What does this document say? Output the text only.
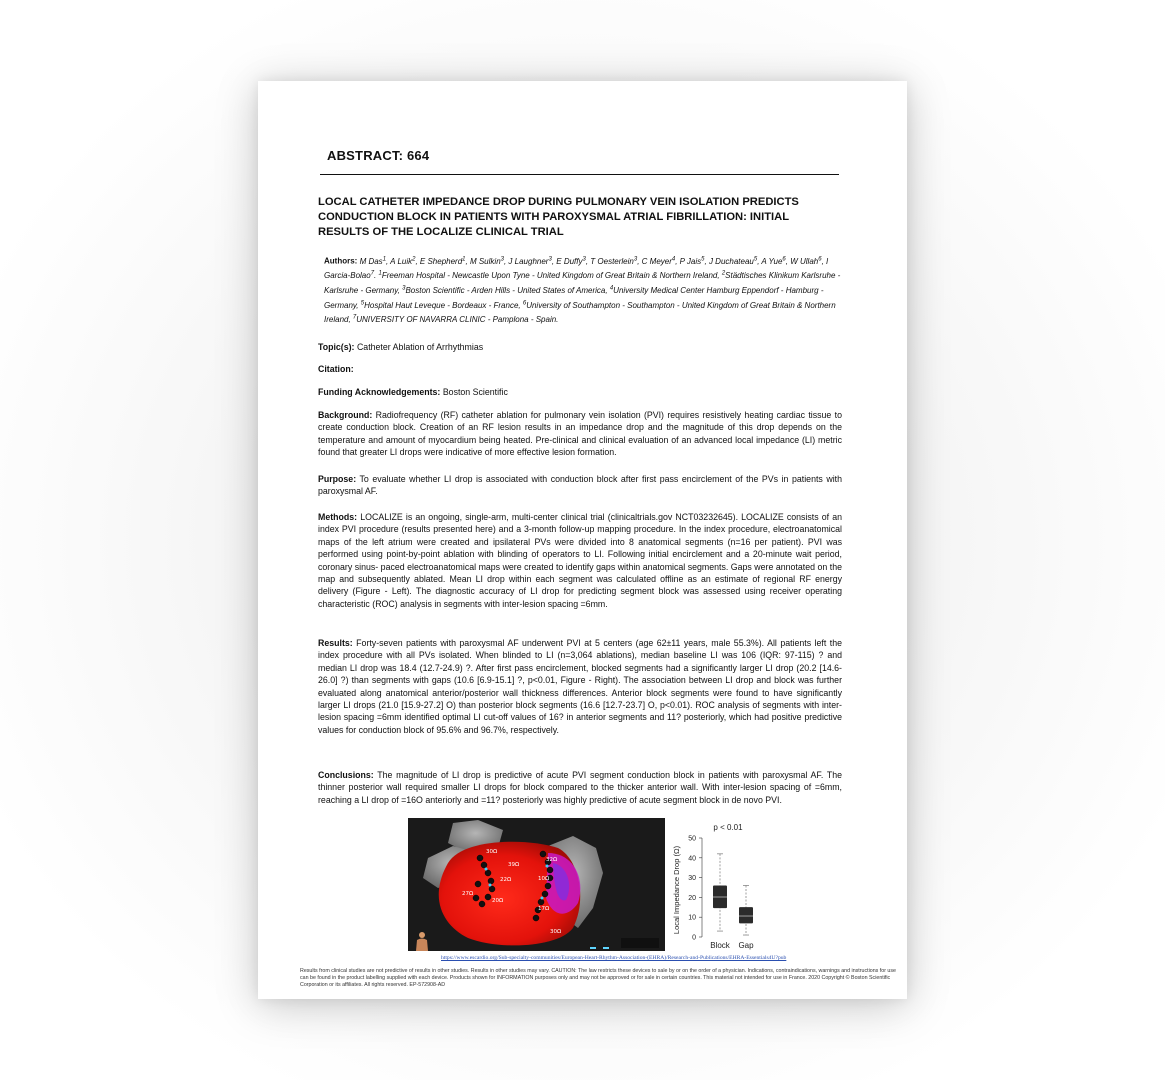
ABSTRACT: 664
LOCAL CATHETER IMPEDANCE DROP DURING PULMONARY VEIN ISOLATION PREDICTS CONDUCTION BLOCK IN PATIENTS WITH PAROXYSMAL ATRIAL FIBRILLATION: INITIAL RESULTS OF THE LOCALIZE CLINICAL TRIAL
Authors: M Das$^1$, A Luik$^2$, E Shepherd$^1$, M Sulkin$^3$, J Laughner$^3$, E Duffy$^3$, T Oesterlein$^3$, C Meyer$^4$, P Jais$^5$, J Duchateau$^5$, A Yue$^6$, W Ullah$^6$, I Garcia-Bolao$^7$. $^1$Freeman Hospital - Newcastle Upon Tyne - United Kingdom of Great Britain & Northern Ireland, $^2$Städtisches Klinikum Karlsruhe - Karlsruhe - Germany, $^3$Boston Scientific - Arden Hills - United States of America, $^4$University Medical Center Hamburg Eppendorf - Hamburg - Germany, $^5$Hospital Haut Leveque - Bordeaux - France, $^6$University of Southampton - Southampton - United Kingdom of Great Britain & Northern Ireland, $^7$UNIVERSITY OF NAVARRA CLINIC - Pamplona - Spain.
Topic(s): Catheter Ablation of Arrhythmias
Citation:
Funding Acknowledgements: Boston Scientific
Background: Radiofrequency (RF) catheter ablation for pulmonary vein isolation (PVI) requires resistively heating cardiac tissue to create conduction block. Creation of an RF lesion results in an impedance drop and the magnitude of this drop depends on the temperature and amount of myocardium being heated. Pre-clinical and clinical evaluation of an advanced local impedance (LI) metric found that greater LI drops were indicative of more effective lesion formation.
Purpose: To evaluate whether LI drop is associated with conduction block after first pass encirclement of the PVs in patients with paroxysmal AF.
Methods: LOCALIZE is an ongoing, single-arm, multi-center clinical trial (clinicaltrials.gov NCT03232645). LOCALIZE consists of an index PVI procedure (results presented here) and a 3-month follow-up mapping procedure. In the index procedure, electroanatomical maps of the left atrium were created and ipsilateral PVs were divided into 8 anatomical segments (n=16 per patient). PVI was performed using point-by-point ablation with blinding of operators to LI. Following initial encirclement and a 20-minute wait period, coronary sinus- paced electroanatomical maps were created to identify gaps within anatomical segments. Gaps were annotated on the map and subsequently ablated. Mean LI drop within each segment was calculated offline as an estimate of regional RF energy delivery (Figure - Left). The diagnostic accuracy of LI drop for predicting segment block was assessed using receiver operating characteristic (ROC) analysis in segments with inter-lesion spacing =6mm.
Results: Forty-seven patients with paroxysmal AF underwent PVI at 5 centers (age 62±11 years, male 55.3%). All patients left the index procedure with all PVs isolated. When blinded to LI (n=3,064 ablations), median baseline LI was 106 (IQR: 97-115) ? and median LI drop was 18.4 (12.7-24.9) ?. After first pass encirclement, blocked segments had a significantly larger LI drop (20.2 [14.6-26.0] ?) than segments with gaps (10.6 [6.9-15.1] ?, p<0.01, Figure - Right). The association between LI drop and block was further evaluated along anatomical anterior/posterior wall thickness differences. Anterior block segments were found to have significantly larger LI drops (21.0 [15.9-27.2] O) than posterior block segments (16.6 [12.7-23.7] O, p<0.01). ROC analysis of segments with inter-lesion spacing =6mm identified optimal LI cut-off values of 16? in anterior segments and 11? posteriorly, which had positive predictive values for conduction block of 95.6% and 96.7%, respectively.
Conclusions: The magnitude of LI drop is predictive of acute PVI segment conduction block in patients with paroxysmal AF. The thinner posterior wall required smaller LI drops for block compared to the thicker anterior wall. With inter-lesion spacing of =6mm, reaching a LI drop of =16O anteriorly and =11? posteriorly was highly predictive of acute segment block in de novo PVI.
30Ω
39Ω
22Ω
27Ω
20Ω
32Ω
10Ω
17Ω
30Ω	Local Impedance Drop (Ω)
p < 0.01
0
10
20
30
40
50
Block Gap
https://www.escardio.org/Sub-specialty-communities/European-Heart-Rhythm-Association-(EHRA)/Research-and-Publications/EHRA-Essentials4U?pub
Results from clinical studies are not predictive of results in other studies. Results in other studies may vary. CAUTION: The law restricts these devices to sale by or on the order of a physician. Indications, contraindications, warnings and instructions for use can be found in the product labelling supplied with each device. Products shown for INFORMATION purposes only and may not be approved or for sale in certain countries. This material not intended for use in France. 2020 Copyright © Boston Scientific Corporation or its affiliates. All rights reserved. EP-572908-AD
